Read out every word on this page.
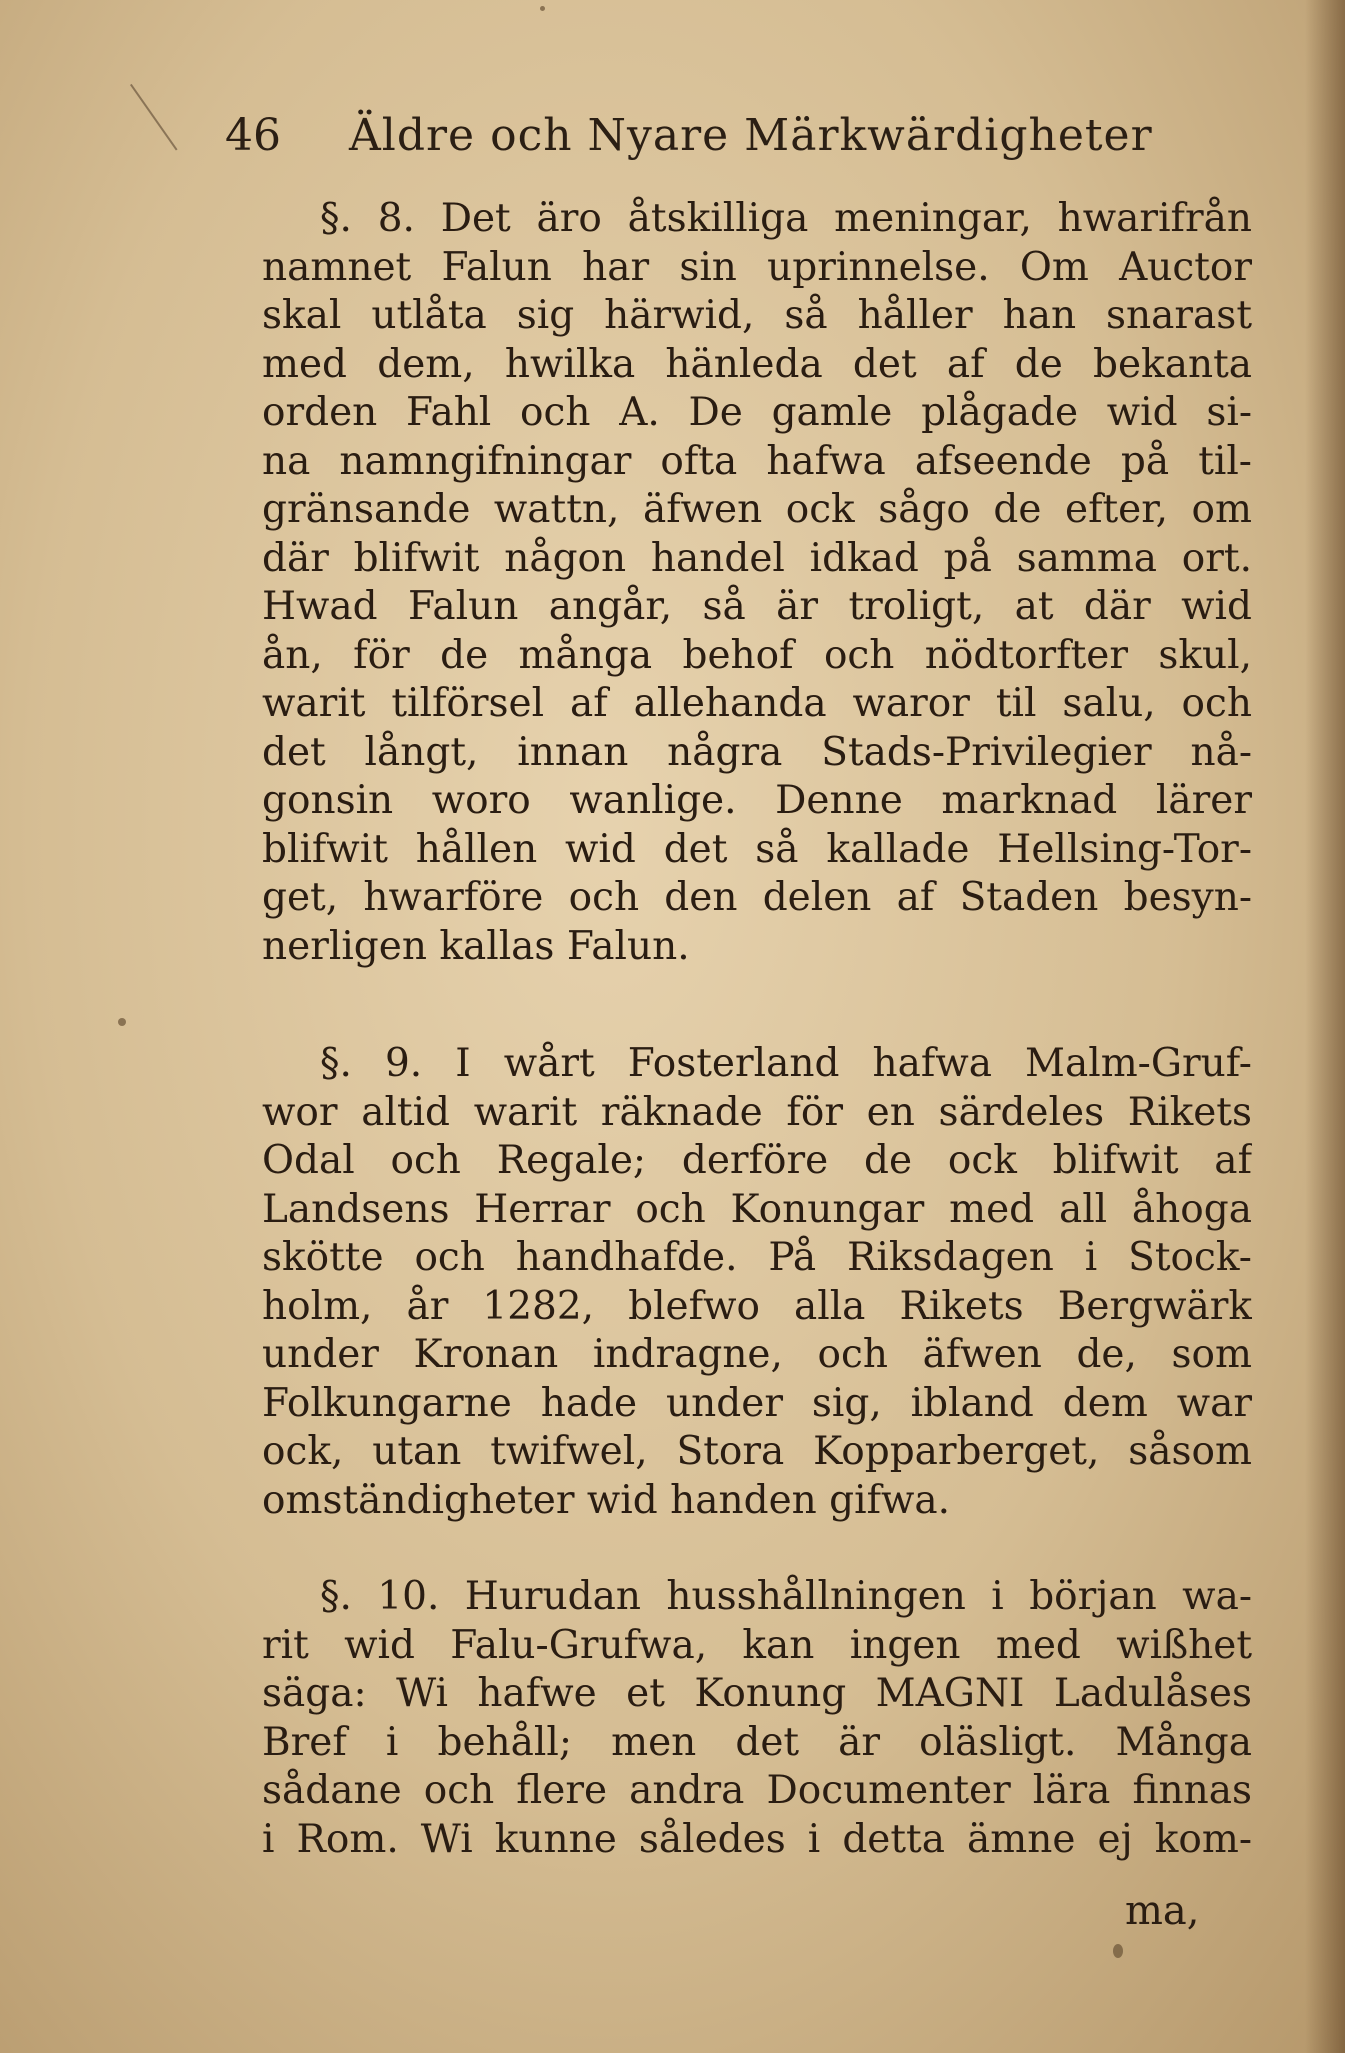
46 Äldre och Nyare Märkwärdigheter
§. 8. Det äro åtskilliga meningar, hwarifrån
namnet Falun har sin uprinnelse. Om Auctor
skal utlåta sig härwid, så håller han snarast
med dem, hwilka hänleda det af de bekanta
orden Fahl och A. De gamle plågade wid si-
na namngifningar ofta hafwa afseende på til-
gränsande wattn, äfwen ock sågo de efter, om
där blifwit någon handel idkad på samma ort.
Hwad Falun angår, så är troligt, at där wid
ån, för de många behof och nödtorfter skul,
warit tilförsel af allehanda waror til salu, och
det långt, innan några Stads-Privilegier nå-
gonsin woro wanlige. Denne marknad lärer
blifwit hållen wid det så kallade Hellsing-Tor-
get, hwarföre och den delen af Staden besyn-
nerligen kallas Falun.
§. 9. I wårt Fosterland hafwa Malm-Gruf-
wor altid warit räknade för en särdeles Rikets
Odal och Regale; derföre de ock blifwit af
Landsens Herrar och Konungar med all åhoga
skötte och handhafde. På Riksdagen i Stock-
holm, år 1282, blefwo alla Rikets Bergwärk
under Kronan indragne, och äfwen de, som
Folkungarne hade under sig, ibland dem war
ock, utan twifwel, Stora Kopparberget, såsom
omständigheter wid handen gifwa.
§. 10. Hurudan husshållningen i början wa-
rit wid Falu-Grufwa, kan ingen med wißhet
säga: Wi hafwe et Konung MAGNI Ladulåses
Bref i behåll; men det är oläsligt. Många
sådane och flere andra Documenter lära finnas
i Rom. Wi kunne således i detta ämne ej kom-
ma,
